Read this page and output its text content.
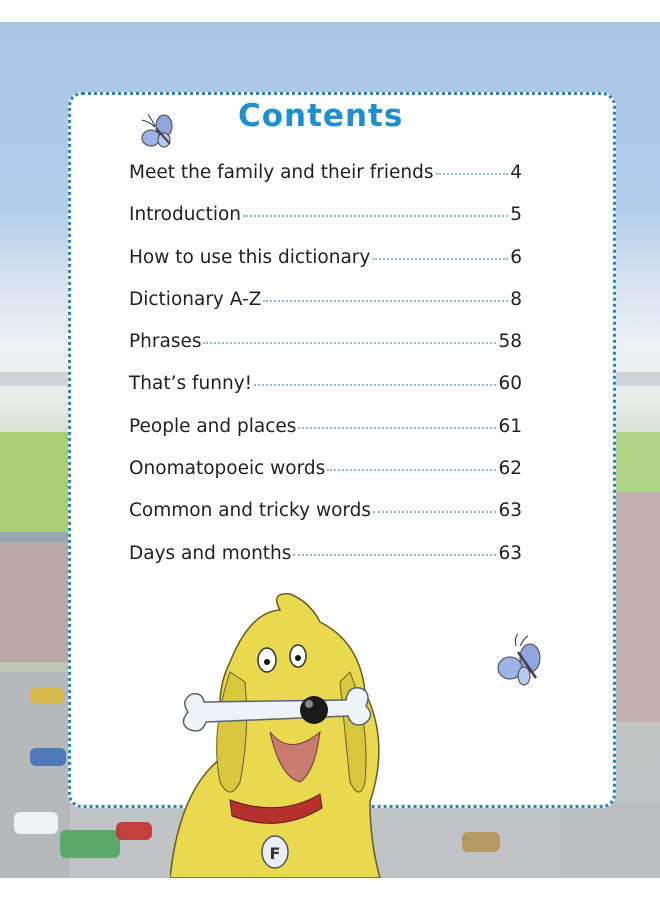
Contents
Meet the family and their friends	4
Introduction	5
How to use this dictionary	6
Dictionary A-Z	8
Phrases	58
That’s funny!	60
People and places	61
Onomatopoeic words	62
Common and tricky words	63
Days and months	63
F
